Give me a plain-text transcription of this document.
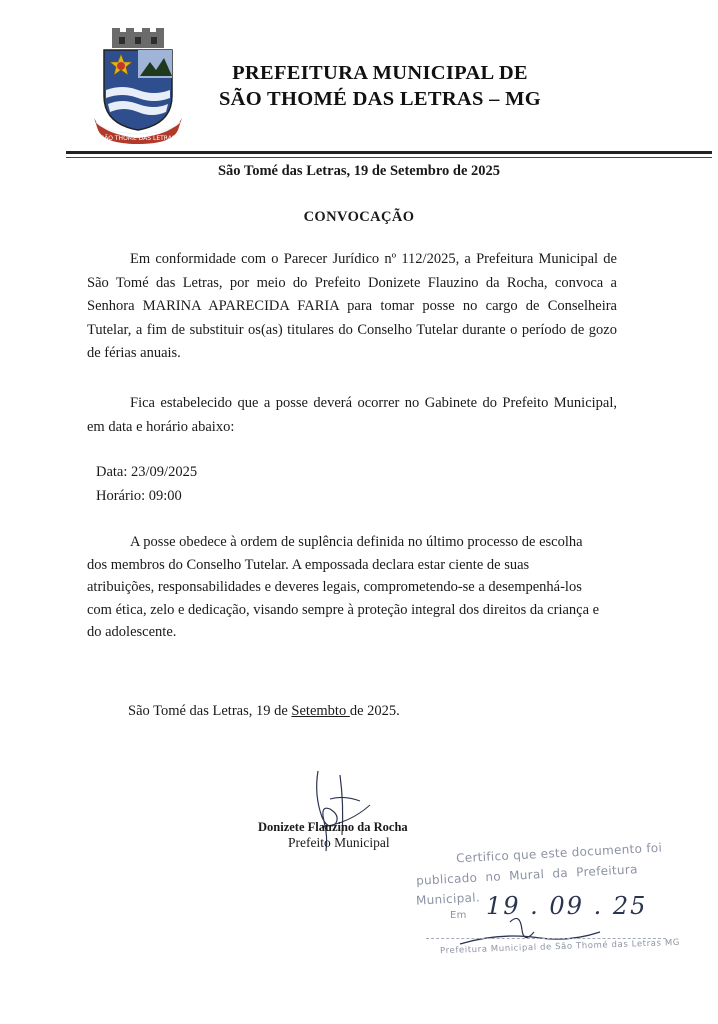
SÃO THOMÉ DAS LETRAS
PREFEITURA MUNICIPAL DE
SÃO THOMÉ DAS LETRAS – MG
São Tomé das Letras, 19 de Setembro de 2025
CONVOCAÇÃO
Em conformidade com o Parecer Jurídico nº 112/2025, a Prefeitura Municipal de São Tomé das Letras, por meio do Prefeito Donizete Flauzino da Rocha, convoca a Senhora MARINA APARECIDA FARIA para tomar posse no cargo de Conselheira Tutelar, a fim de substituir os(as) titulares do Conselho Tutelar durante o período de gozo de férias anuais.
Fica estabelecido que a posse deverá ocorrer no Gabinete do Prefeito Municipal, em data e horário abaixo:
Data: 23/09/2025
Horário: 09:00
A posse obedece à ordem de suplência definida no último processo de escolha
dos membros do Conselho Tutelar. A empossada declara estar ciente de suas
atribuições, responsabilidades e deveres legais, comprometendo-se a desempenhá-los
com ética, zelo e dedicação, visando sempre à proteção integral dos direitos da criança e
do adolescente.
São Tomé das Letras, 19 de Setembto de 2025.
Donizete Flauzino da Rocha
Prefeito Municipal	Certifico que este documento foi
publicado  no  Mural  da  Prefeitura
Municipal.
Em 19 . 09 . 25
Prefeitura Municipal de São Thomé das Letras MG
